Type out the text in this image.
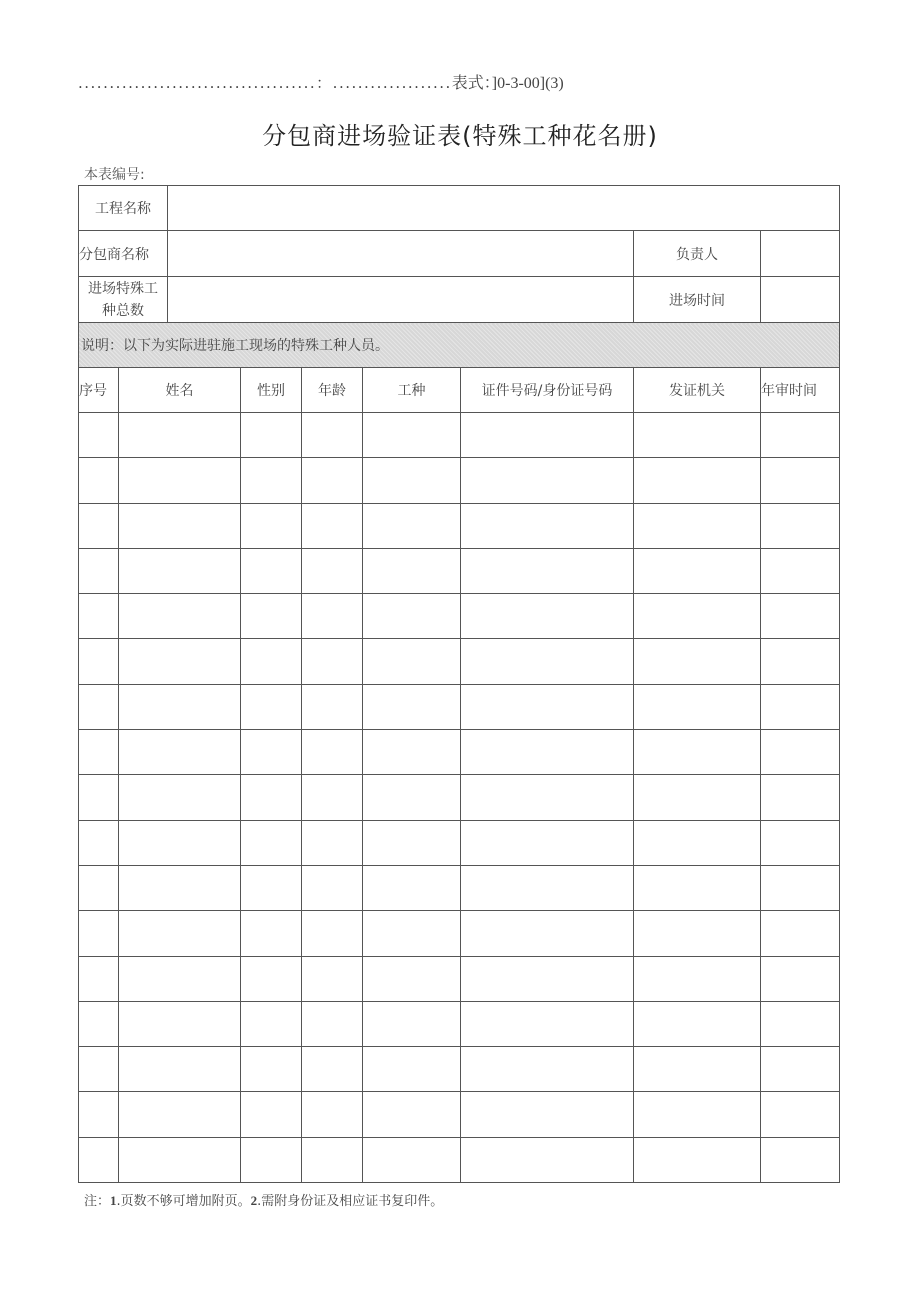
......................................：...................表式：]0-3-00](3)
分包商进场验证表(特殊工种花名册)
本表编号:
工程名称								
分包商名称							负责人	
进场特殊工种总数							进场时间	
说明：以下为实际进驻施工现场的特殊工种人员。								
序号	姓名		性别	年龄	工种	证件号码/身份证号码	发证机关	年审时间

注：1.页数不够可增加附页。2.需附身份证及相应证书复印件。
